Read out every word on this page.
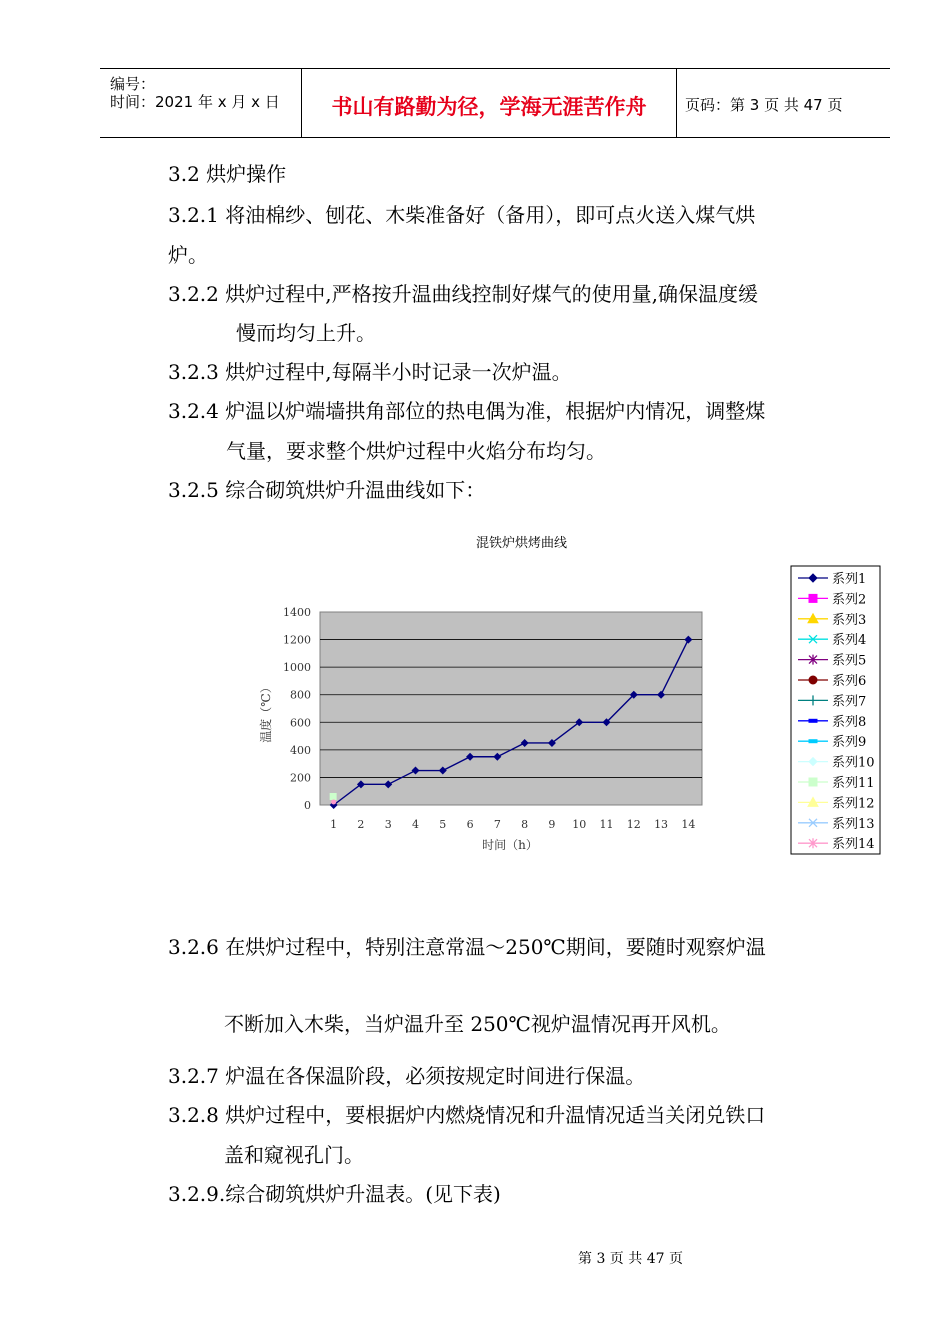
编号：
时间：2021 年 x 月 x 日	书山有路勤为径，学海无涯苦作舟	页码：第 3 页 共 47 页
3.2 烘炉操作
3.2.1 将油棉纱、刨花、木柴准备好（备用），即可点火送入煤气烘
炉。
3.2.2 烘炉过程中,严格按升温曲线控制好煤气的使用量,确保温度缓
慢而均匀上升。
3.2.3 烘炉过程中,每隔半小时记录一次炉温。
3.2.4 炉温以炉端墙拱角部位的热电偶为准，根据炉内情况，调整煤
气量，要求整个烘炉过程中火焰分布均匀。
3.2.5 综合砌筑烘炉升温曲线如下：
混铁炉烘烤曲线
0
200
400
600
800
1000
1200
1400
1 2 3 4 5 6 7 8 9 10 11 12 13 14
温度（℃）
时间（h）
系列1
系列2
系列3
系列4
系列5
系列6
系列7
系列8
系列9
系列10
系列11
系列12
系列13
系列14
3.2.6 在烘炉过程中，特别注意常温～250℃期间，要随时观察炉温
不断加入木柴，当炉温升至 250℃视炉温情况再开风机。
3.2.7 炉温在各保温阶段，必须按规定时间进行保温。
3.2.8 烘炉过程中，要根据炉内燃烧情况和升温情况适当关闭兑铁口
盖和窥视孔门。
3.2.9.综合砌筑烘炉升温表。(见下表)
第 3 页 共 47 页
